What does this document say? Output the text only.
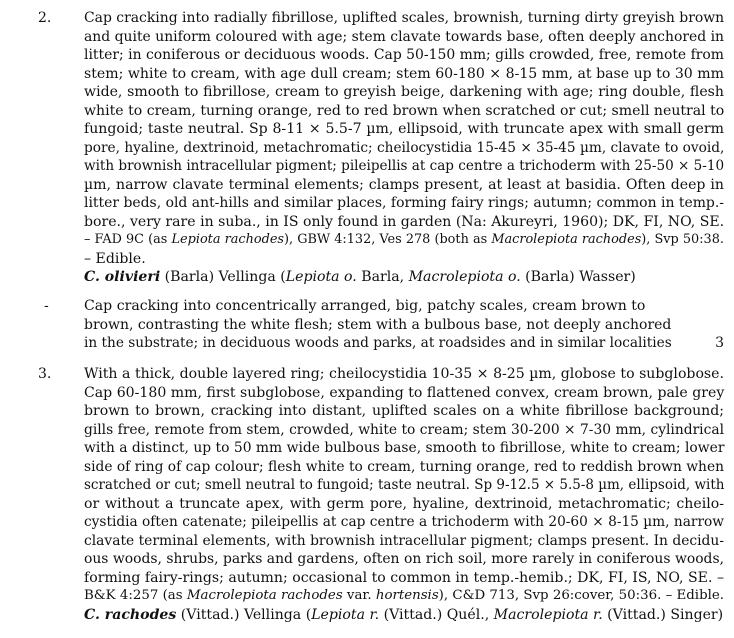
2. Cap cracking into radially fibrillose, uplifted scales, brownish, turning dirty greyish brown
and quite uniform coloured with age; stem clavate towards base, often deeply anchored in
litter; in coniferous or deciduous woods. Cap 50-150 mm; gills crowded, free, remote from
stem; white to cream, with age dull cream; stem 60-180 × 8-15 mm, at base up to 30 mm
wide, smooth to fibrillose, cream to greyish beige, darkening with age; ring double, flesh
white to cream, turning orange, red to red brown when scratched or cut; smell neutral to
fungoid; taste neutral. Sp 8-11 × 5.5-7 µm, ellipsoid, with truncate apex with small germ
pore, hyaline, dextrinoid, metachromatic; cheilocystidia 15-45 × 35-45 µm, clavate to ovoid,
with brownish intracellular pigment; pileipellis at cap centre a trichoderm with 25-50 × 5-10
µm, narrow clavate terminal elements; clamps present, at least at basidia. Often deep in
litter beds, old ant-hills and similar places, forming fairy rings; autumn; common in temp.-
bore., very rare in suba., in IS only found in garden (Na: Akureyri, 1960); DK, FI, NO, SE.
– FAD 9C (as Lepiota rachodes), GBW 4:132, Ves 278 (both as Macrolepiota rachodes), Svp 50:38.
– Edible.
C. olivieri (Barla) Vellinga (Lepiota o. Barla, Macrolepiota o. (Barla) Wasser)
-	Cap cracking into concentrically arranged, big, patchy scales, cream brown to
brown, contrasting the white flesh; stem with a bulbous base, not deeply anchored
in the substrate; in deciduous woods and parks, at roadsides and in similar localities	3
3. With a thick, double layered ring; cheilocystidia 10-35 × 8-25 µm, globose to subglobose.
Cap 60-180 mm, first subglobose, expanding to flattened convex, cream brown, pale grey
brown to brown, cracking into distant, uplifted scales on a white fibrillose background;
gills free, remote from stem, crowded, white to cream; stem 30-200 × 7-30 mm, cylindrical
with a distinct, up to 50 mm wide bulbous base, smooth to fibrillose, white to cream; lower
side of ring of cap colour; flesh white to cream, turning orange, red to reddish brown when
scratched or cut; smell neutral to fungoid; taste neutral. Sp 9-12.5 × 5.5-8 µm, ellipsoid, with
or without a truncate apex, with germ pore, hyaline, dextrinoid, metachromatic; cheilo-
cystidia often catenate; pileipellis at cap centre a trichoderm with 20-60 × 8-15 µm, narrow
clavate terminal elements, with brownish intracellular pigment; clamps present. In decidu-
ous woods, shrubs, parks and gardens, often on rich soil, more rarely in coniferous woods,
forming fairy-rings; autumn; occasional to common in temp.-hemib.; DK, FI, IS, NO, SE. –
B&K 4:257 (as Macrolepiota rachodes var. hortensis), C&D 713, Svp 26:cover, 50:36. – Edible.
C. rachodes (Vittad.) Vellinga (Lepiota r. (Vittad.) Quél., Macrolepiota r. (Vittad.) Singer)
